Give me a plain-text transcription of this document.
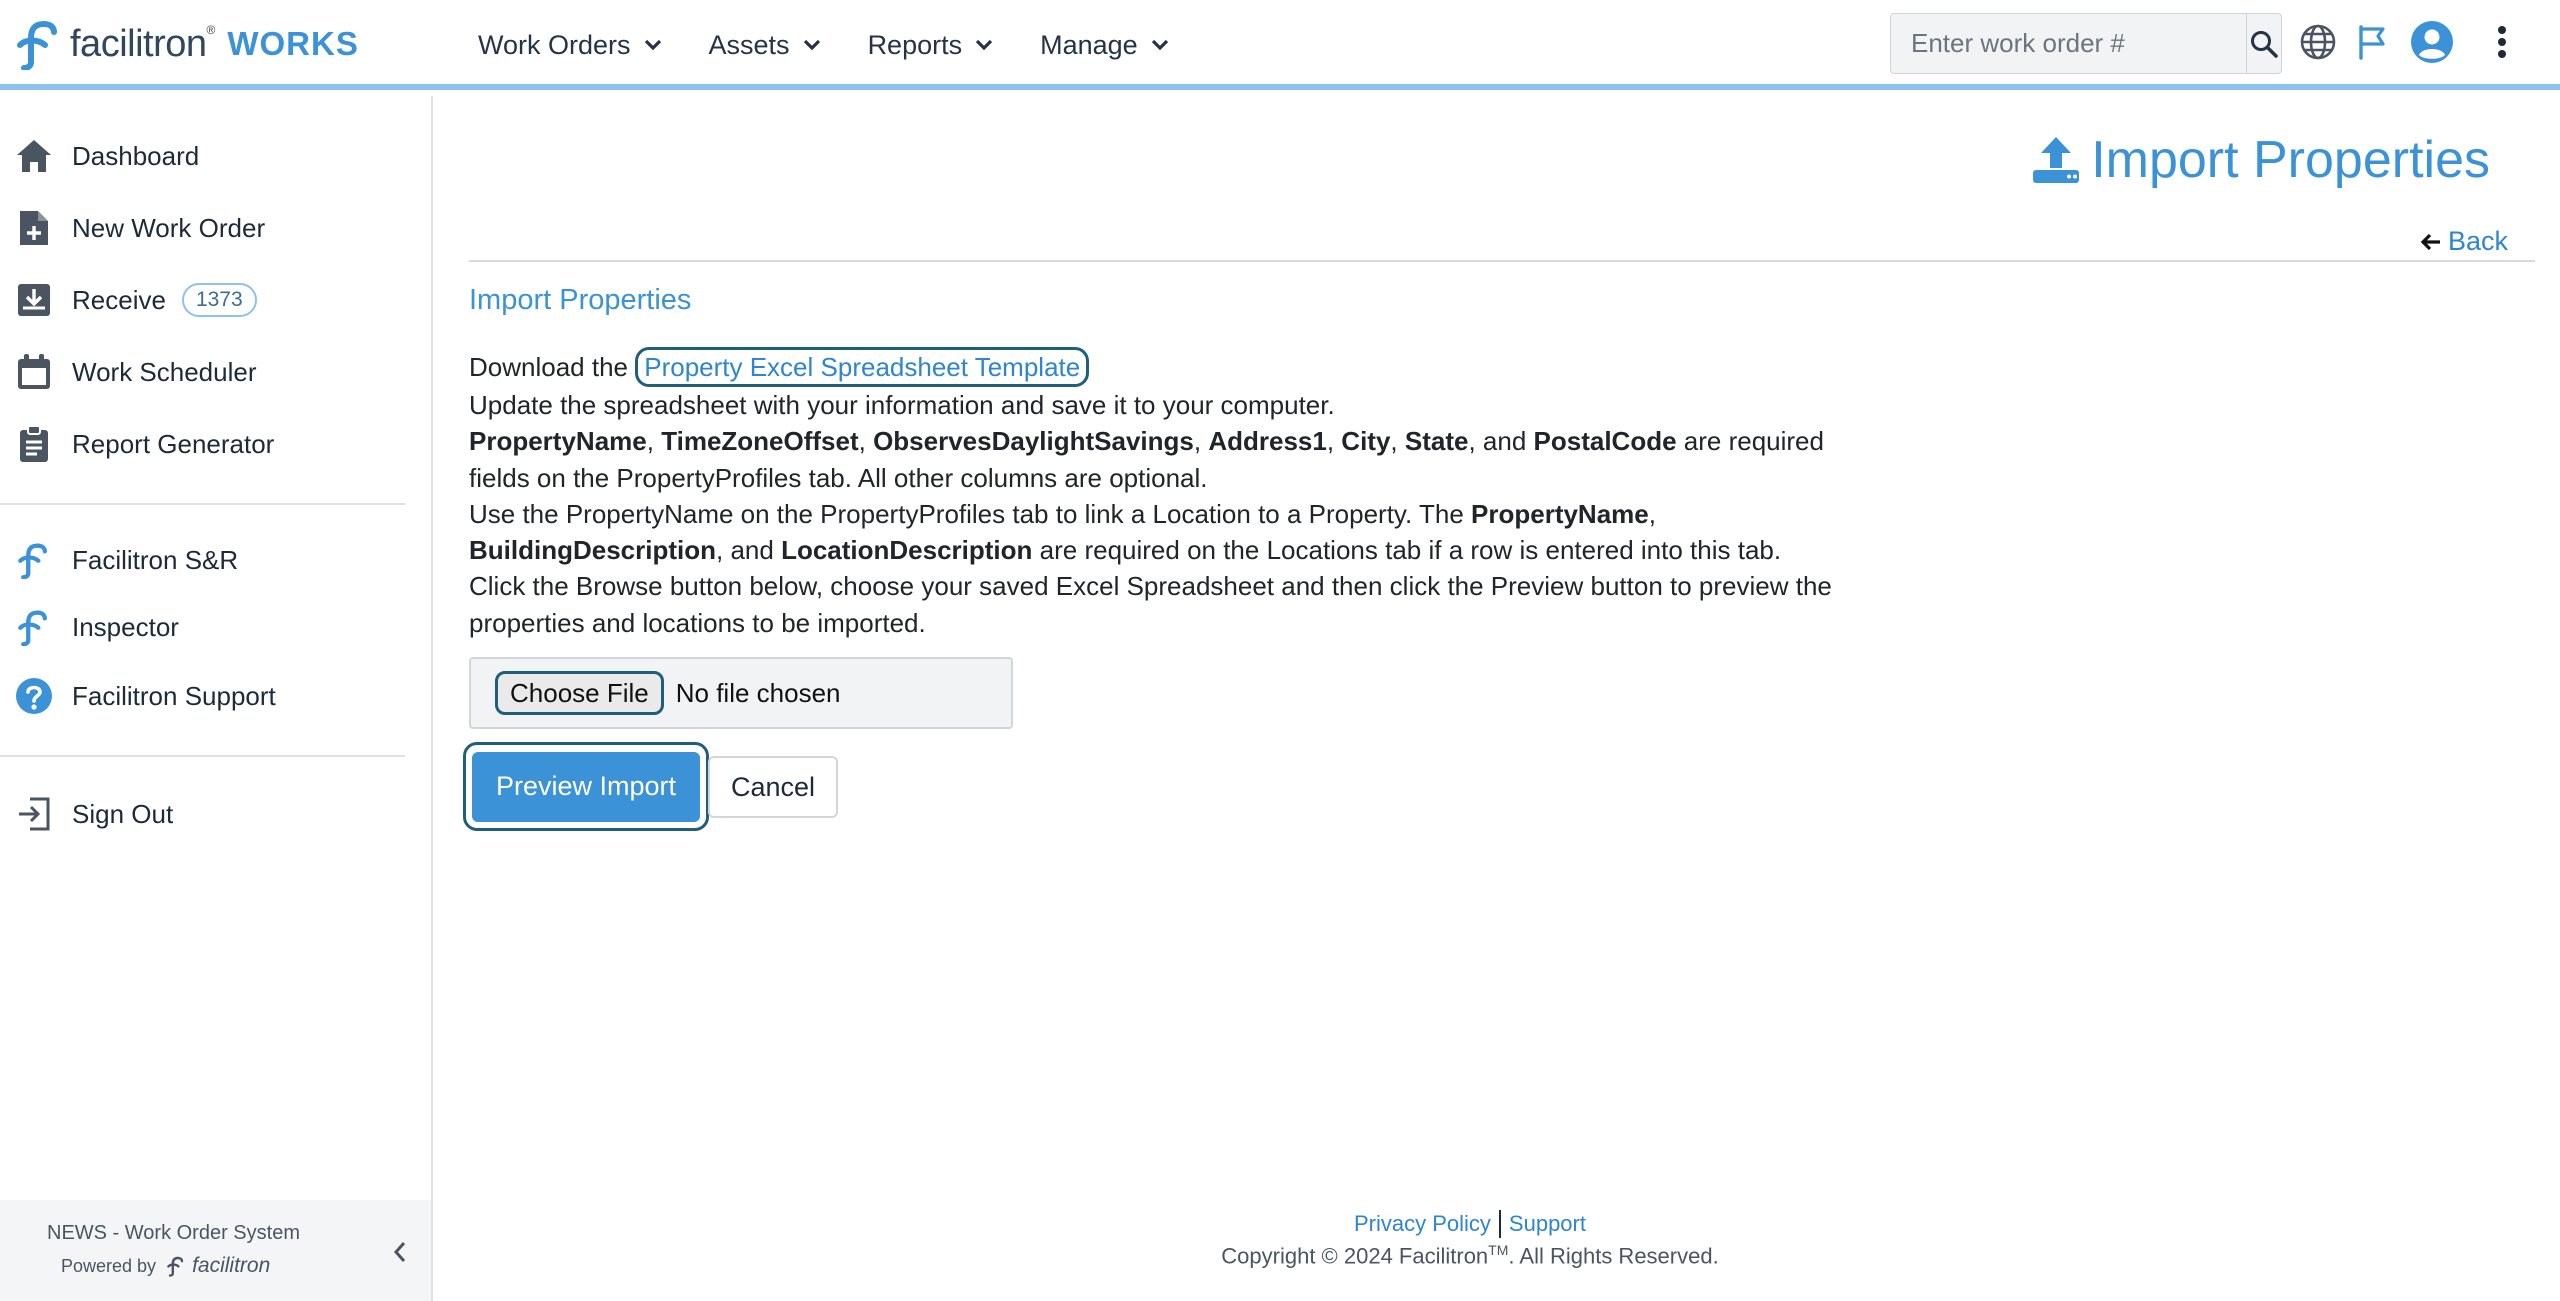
facilitron ® WORKS	Work Orders	Assets	Reports	Manage
Enter work order #
Dashboard
New Work Order
Receive	1373
Work Scheduler
Report Generator
Facilitron S&R
Inspector
Facilitron Support
Sign Out
NEWS - Work Order System
Powered by facilitron
Import Properties
Back
Import Properties
Download the Property Excel Spreadsheet Template
Update the spreadsheet with your information and save it to your computer.
PropertyName, TimeZoneOffset, ObservesDaylightSavings, Address1, City, State, and PostalCode are required fields on the PropertyProfiles tab. All other columns are optional.
Use the PropertyName on the PropertyProfiles tab to link a Location to a Property. The PropertyName, BuildingDescription, and LocationDescription are required on the Locations tab if a row is entered into this tab.
Click the Browse button below, choose your saved Excel Spreadsheet and then click the Preview button to preview the properties and locations to be imported.
Choose File	No file chosen
Preview Import	Cancel
Privacy Policy Support
Copyright © 2024 Facilitron™. All Rights Reserved.
